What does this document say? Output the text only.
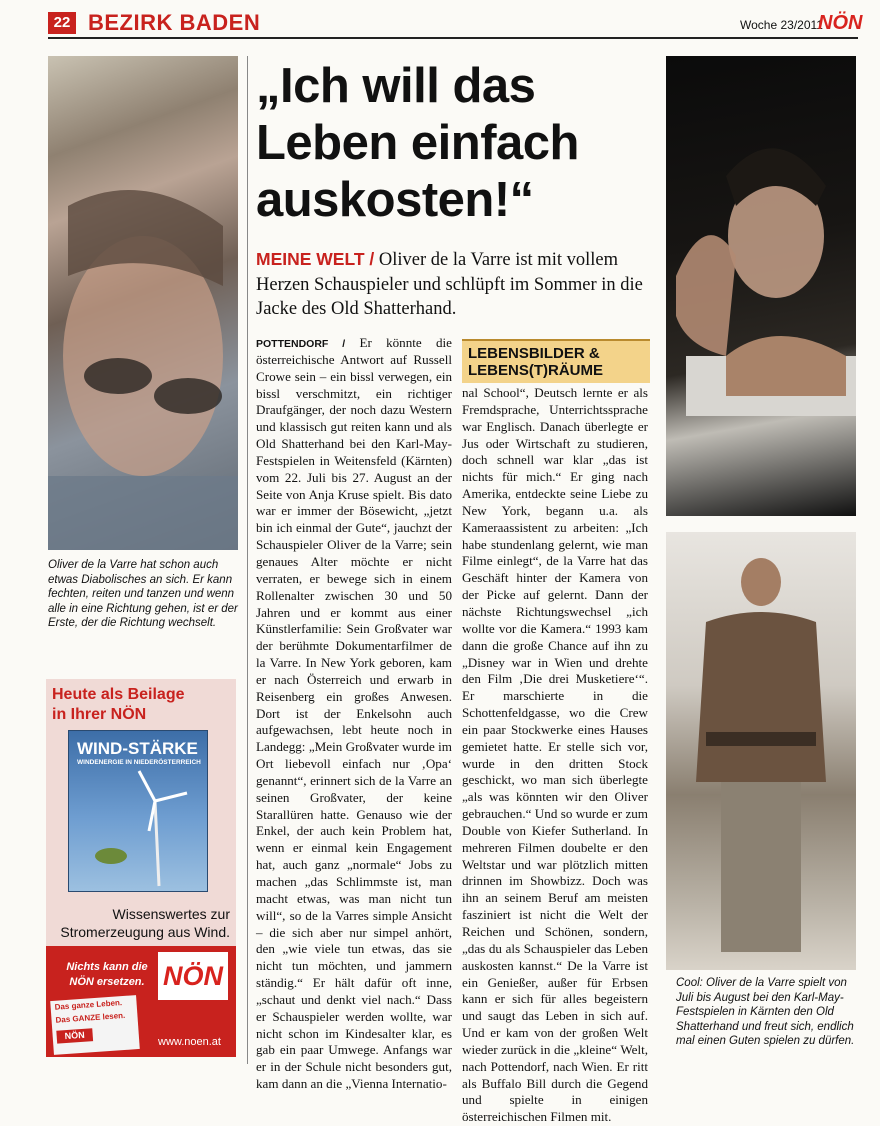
22 BEZIRK BADEN	Woche 23/2011
NÖN
Oliver de la Varre hat schon auch etwas Diabolisches an sich. Er kann fechten, reiten und tanzen und wenn alle in eine Richtung gehen, ist er der Erste, der die Richtung wechselt.
Heute als Beilage
in Ihrer NÖN
WIND-STÄRKE
WINDENERGIE IN NIEDERÖSTERREICH
Wissenswertes zur
Stromerzeugung aus Wind.
Nichts kann die NÖN ersetzen. NÖN
Das ganze Leben.
Das GANZE lesen.
NÖN
www.noen.at
„Ich will das Leben einfach auskosten!“
MEINE WELT / Oliver de la Varre ist mit vollem Herzen Schauspieler und schlüpft im Sommer in die Jacke des Old Shatterhand.
POTTENDORF / Er könnte die österreichische Antwort auf Russell Crowe sein – ein bissl verwegen, ein bissl verschmitzt, ein richtiger Draufgänger, der noch dazu Western und klassisch gut reiten kann und als Old Shatterhand bei den Karl-May-Festspielen in Weitensfeld (Kärnten) vom 22. Juli bis 27. August an der Seite von Anja Kruse spielt. Bis dato war er immer der Bösewicht, „jetzt bin ich einmal der Gute“, jauchzt der Schauspieler Oliver de la Varre; sein genaues Alter möchte er nicht verraten, er bewege sich in einem Rollenalter zwischen 30 und 50 Jahren und er kommt aus einer Künstlerfamilie: Sein Großvater war der berühmte Dokumentarfilmer de la Varre. In New York geboren, kam er nach Österreich und erwarb in Reisenberg ein großes Anwesen. Dort ist der Enkelsohn auch aufgewachsen, lebt heute noch in Landegg: „Mein Großvater wurde im Ort liebevoll einfach nur ‚Opa‘ genannt“, erinnert sich de la Varre an seinen Großvater, der keine Starallüren hatte. Genauso wie der Enkel, der auch kein Problem hat, wenn er einmal kein Engagement hat, auch ganz „normale“ Jobs zu machen „das Schlimmste ist, man macht etwas, was man nicht tun will“, so de la Varres simple Ansicht – die sich aber nur simpel anhört, den „wie viele tun etwas, das sie nicht tun möchten, und jammern ständig.“ Er hält dafür oft inne, „schaut und denkt viel nach.“ Dass er Schauspieler werden wollte, war nicht schon im Kindesalter klar, es gab ein paar Umwege. Anfangs war er in der Schule nicht besonders gut, kam dann an die „Vienna Internatio-
LEBENSBILDER & LEBENS(T)RÄUME
nal School“, Deutsch lernte er als Fremdsprache, Unterrichtssprache war Englisch. Danach überlegte er Jus oder Wirtschaft zu studieren, doch schnell war klar „das ist nichts für mich.“ Er ging nach Amerika, entdeckte seine Liebe zu New York, begann u.a. als Kameraassistent zu arbeiten: „Ich habe stundenlang gelernt, wie man Filme einlegt“, de la Varre hat das Geschäft hinter der Kamera von der Picke auf gelernt. Dann der nächste Richtungswechsel „ich wollte vor die Kamera.“ 1993 kam dann die große Chance auf ihn zu „Disney war in Wien und drehte den Film ‚Die drei Musketiere‘“. Er marschierte in die Schottenfeldgasse, wo die Crew ein paar Stockwerke eines Hauses gemietet hatte. Er stelle sich vor, wurde in den dritten Stock geschickt, wo man sich überlegte „als was könnten wir den Oliver gebrauchen.“ Und so wurde er zum Double von Kiefer Sutherland. In mehreren Filmen doubelte er den Weltstar und war plötzlich mitten drinnen im Showbizz. Doch was ihn an seinem Beruf am meisten fasziniert ist nicht die Welt der Reichen und Schönen, sondern, „das du als Schauspieler das Leben auskosten kannst.“ De la Varre ist ein Genießer, außer für Erbsen kann er sich für alles begeistern und saugt das Leben in sich auf. Und er kam von der großen Welt wieder zurück in die „kleine“ Welt, nach Pottendorf, nach Wien. Er ritt als Buffalo Bill durch die Gegend und spielte in einigen österreichischen Filmen mit.
Cool: Oliver de la Varre spielt von Juli bis August bei den Karl-May-Festspielen in Kärnten den Old Shatterhand und freut sich, endlich mal einen Guten spielen zu dürfen.
